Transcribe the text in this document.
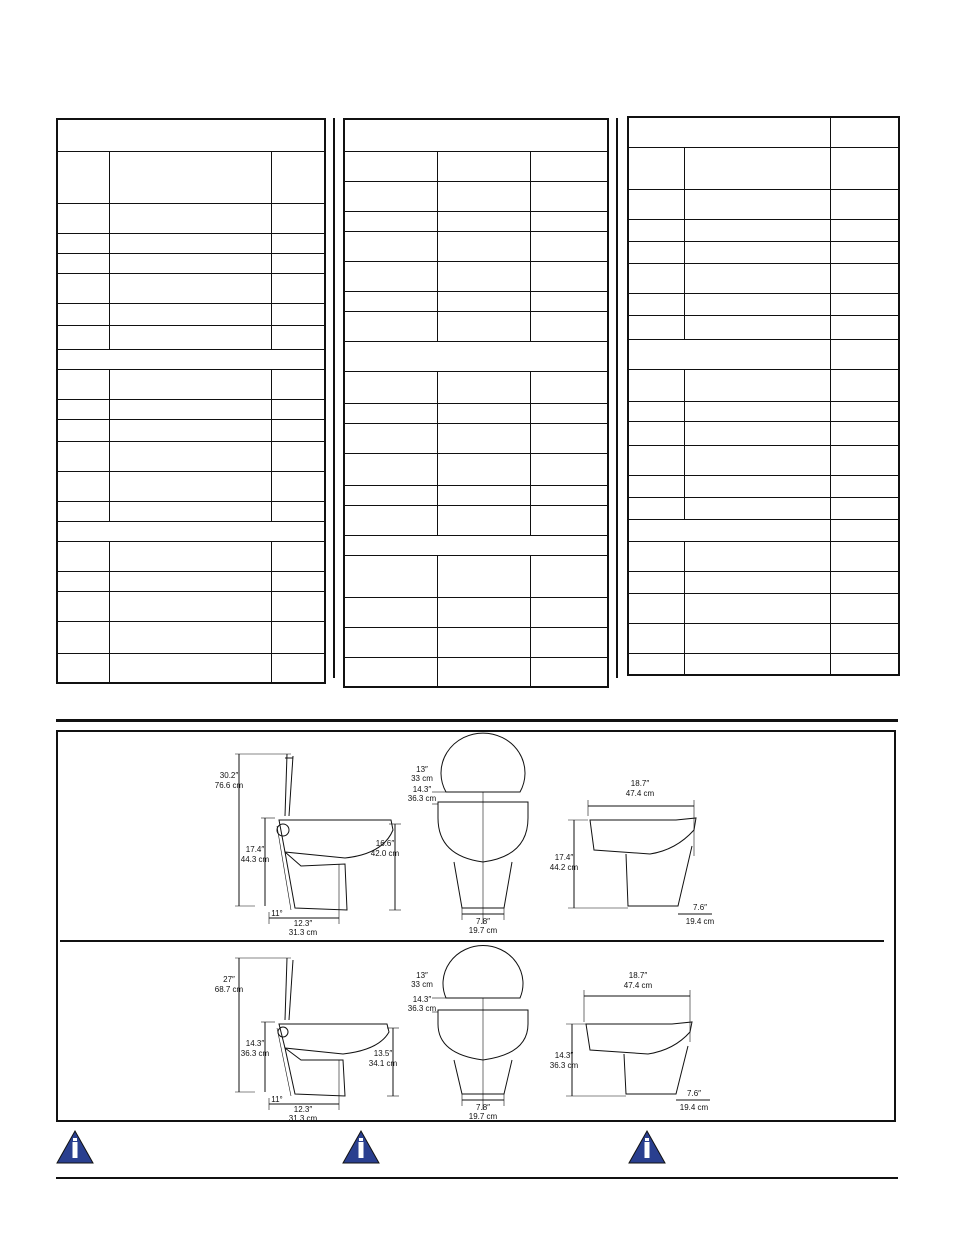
30.2″
76.6 cm
17.4″
44.3 cm
16.6″
42.0 cm
11°
12.3″
31.3 cm
13″
33 cm
14.3″
36.3 cm
7.8″
19.7 cm
18.7″
47.4 cm
17.4″
44.2 cm
7.6″
19.4 cm
27″
68.7 cm
14.3″
36.3 cm	13.5″
34.1 cm
11°
12.3″
31.3 cm
13″
33 cm
14.3″
36.3 cm
7.8″
19.7 cm
18.7″
47.4 cm
14.3″
36.3 cm
7.6″
19.4 cm
